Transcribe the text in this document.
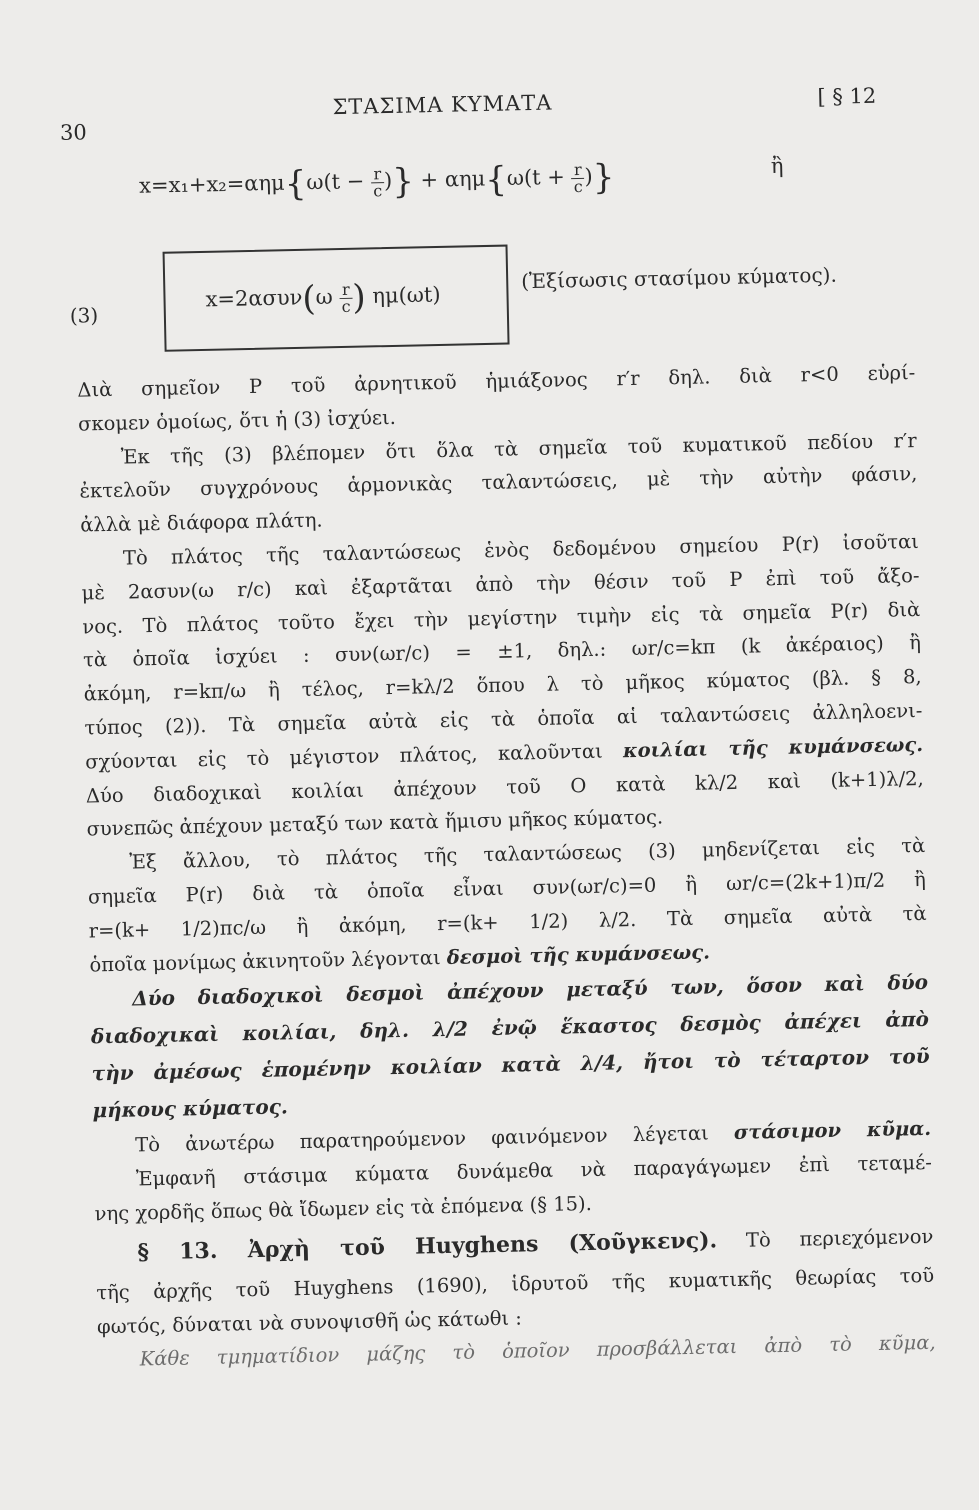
30
ΣΤΑΣΙΜΑ ΚΥΜΑΤΑ	[ § 12
$x=x_1+x_2=\alpha\eta\mu\{\omega(t - \frac{r}{c}$ )} + $\alpha\eta\mu\{\omega(t + \frac{r}{c}$ )}	ἢ
(3)
$x=2\alpha\sigma\upsilon\nu(\omega \frac{r}{c}$ ) ημ(ωt)
(Ἐξίσωσις στασίμου κύματος).
Διὰ σημεῖον P τοῦ ἀρνητικοῦ ἡμιάξονος r′r δηλ. διὰ r<0 εὑρί-
σκομεν ὁμοίως, ὅτι ἡ (3) ἰσχύει.
Ἐκ τῆς (3) βλέπομεν ὅτι ὅλα τὰ σημεῖα τοῦ κυματικοῦ πεδίου r′r
ἐκτελοῦν συγχρόνους ἁρμονικὰς ταλαντώσεις, μὲ τὴν αὐτὴν φάσιν,
ἀλλὰ μὲ διάφορα πλάτη.
Τὸ πλάτος τῆς ταλαντώσεως ἑνὸς δεδομένου σημείου P(r) ἰσοῦται
μὲ 2ασυν(ω r/c) καὶ ἐξαρτᾶται ἀπὸ τὴν θέσιν τοῦ P ἐπὶ τοῦ ἄξο-
νος. Τὸ πλάτος τοῦτο ἔχει τὴν μεγίστην τιμὴν εἰς τὰ σημεῖα P(r) διὰ
τὰ ὁποῖα ἰσχύει : συν(ωr/c) = ±1, δηλ.: ωr/c=kπ (k ἀκέραιος) ἢ
ἀκόμη, r=kπ/ω ἢ τέλος, r=kλ/2 ὅπου λ τὸ μῆκος κύματος (βλ. § 8,
τύπος (2)). Τὰ σημεῖα αὐτὰ εἰς τὰ ὁποῖα αἱ ταλαντώσεις ἀλληλοενι-
σχύονται εἰς τὸ μέγιστον πλάτος, καλοῦνται κοιλίαι τῆς κυμάνσεως.
Δύο διαδοχικαὶ κοιλίαι ἀπέχουν τοῦ O κατὰ kλ/2 καὶ (k+1)λ/2,
συνεπῶς ἀπέχουν μεταξύ των κατὰ ἥμισυ μῆκος κύματος.
Ἐξ ἄλλου, τὸ πλάτος τῆς ταλαντώσεως (3) μηδενίζεται εἰς τὰ
σημεῖα P(r) διὰ τὰ ὁποῖα εἶναι συν(ωr/c)=0 ἢ ωr/c=(2k+1)π/2 ἢ
r=(k+ 1/2)πc/ω ἢ ἀκόμη, r=(k+ 1/2) λ/2. Τὰ σημεῖα αὐτὰ τὰ
ὁποῖα μονίμως ἀκινητοῦν λέγονται δεσμοὶ τῆς κυμάνσεως.
Δύο διαδοχικοὶ δεσμοὶ ἀπέχουν μεταξύ των, ὅσον καὶ δύο
διαδοχικαὶ κοιλίαι, δηλ. λ/2 ἐνῷ ἕκαστος δεσμὸς ἀπέχει ἀπὸ
τὴν ἀμέσως ἑπομένην κοιλίαν κατὰ λ/4, ἤτοι τὸ τέταρτον τοῦ
μήκους κύματος.
Τὸ ἀνωτέρω παρατηρούμενον φαινόμενον λέγεται στάσιμον κῦμα.
Ἐμφανῆ στάσιμα κύματα δυνάμεθα νὰ παραγάγωμεν ἐπὶ τεταμέ-
νης χορδῆς ὅπως θὰ ἴδωμεν εἰς τὰ ἑπόμενα (§ 15).
§ 13. Ἀρχὴ τοῦ Huyghens (Χοῦγκενς). Τὸ περιεχόμενον
τῆς ἀρχῆς τοῦ Huyghens (1690), ἱδρυτοῦ τῆς κυματικῆς θεωρίας τοῦ
φωτός, δύναται νὰ συνοψισθῆ ὡς κάτωθι :
Κάθε τμηματίδιον μάζης τὸ ὁποῖον προσβάλλεται ἀπὸ τὸ κῦμα,
